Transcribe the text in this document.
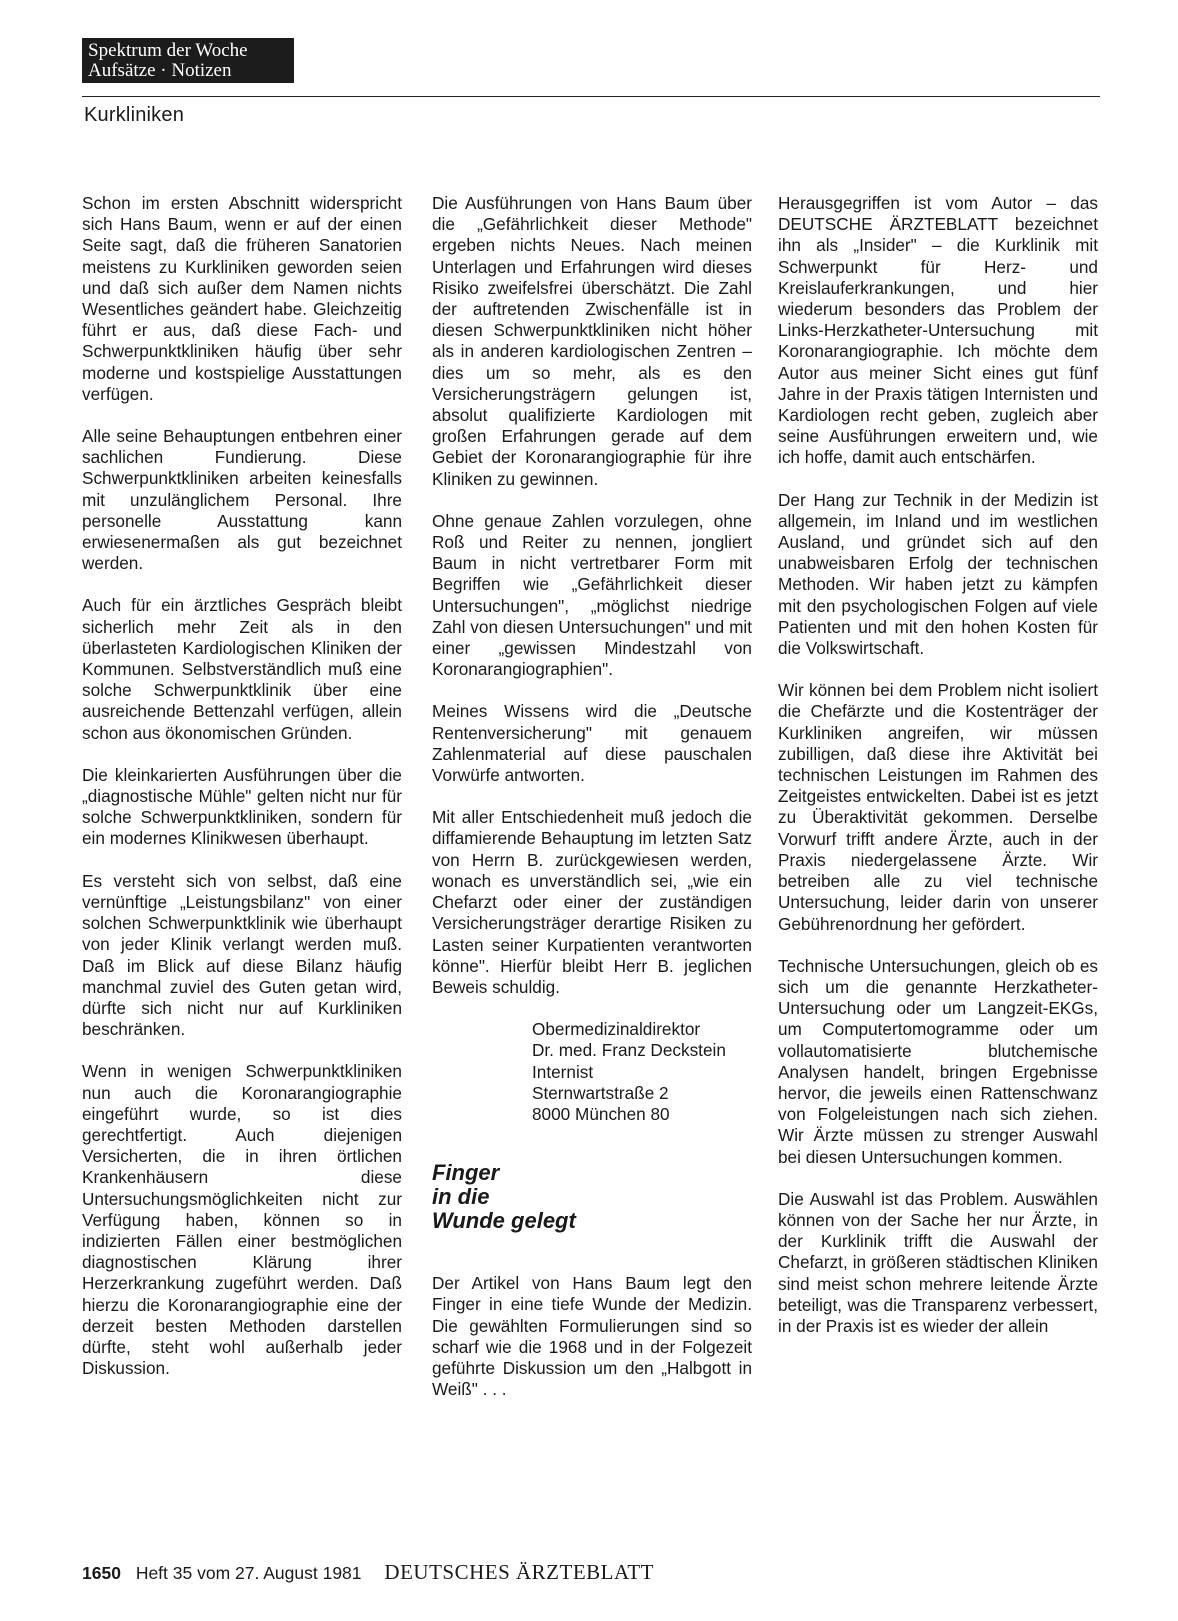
Spektrum der Woche
Aufsätze · Notizen
Kurkliniken

Schon im ersten Abschnitt widerspricht sich Hans Baum, wenn er auf der einen Seite sagt, daß die früheren Sanatorien meistens zu Kurkliniken geworden seien und daß sich außer dem Namen nichts Wesentliches geändert habe. Gleichzeitig führt er aus, daß diese Fach- und Schwerpunktkliniken häufig über sehr moderne und kostspielige Ausstattungen verfügen.

Alle seine Behauptungen entbehren einer sachlichen Fundierung. Diese Schwerpunktkliniken arbeiten keinesfalls mit unzulänglichem Personal. Ihre personelle Ausstattung kann erwiesenermaßen als gut bezeichnet werden.

Auch für ein ärztliches Gespräch bleibt sicherlich mehr Zeit als in den überlasteten Kardiologischen Kliniken der Kommunen. Selbstverständlich muß eine solche Schwerpunktklinik über eine ausreichende Bettenzahl verfügen, allein schon aus ökonomischen Gründen.

Die kleinkarierten Ausführungen über die „diagnostische Mühle" gelten nicht nur für solche Schwerpunktkliniken, sondern für ein modernes Klinikwesen überhaupt.

Es versteht sich von selbst, daß eine vernünftige „Leistungsbilanz" von einer solchen Schwerpunktklinik wie überhaupt von jeder Klinik verlangt werden muß. Daß im Blick auf diese Bilanz häufig manchmal zuviel des Guten getan wird, dürfte sich nicht nur auf Kurkliniken beschränken.

Wenn in wenigen Schwerpunktkliniken nun auch die Koronarangiographie eingeführt wurde, so ist dies gerechtfertigt. Auch diejenigen Versicherten, die in ihren örtlichen Krankenhäusern diese Untersuchungsmöglichkeiten nicht zur Verfügung haben, können so in indizierten Fällen einer bestmöglichen diagnostischen Klärung ihrer Herzerkrankung zugeführt werden. Daß hierzu die Koronarangiographie eine der derzeit besten Methoden darstellen dürfte, steht wohl außerhalb jeder Diskussion.

Die Ausführungen von Hans Baum über die „Gefährlichkeit dieser Methode" ergeben nichts Neues. Nach meinen Unterlagen und Erfahrungen wird dieses Risiko zweifelsfrei überschätzt. Die Zahl der auftretenden Zwischenfälle ist in diesen Schwerpunktkliniken nicht höher als in anderen kardiologischen Zentren – dies um so mehr, als es den Versicherungsträgern gelungen ist, absolut qualifizierte Kardiologen mit großen Erfahrungen gerade auf dem Gebiet der Koronarangiographie für ihre Kliniken zu gewinnen.

Ohne genaue Zahlen vorzulegen, ohne Roß und Reiter zu nennen, jongliert Baum in nicht vertretbarer Form mit Begriffen wie „Gefährlichkeit dieser Untersuchungen", „möglichst niedrige Zahl von diesen Untersuchungen" und mit einer „gewissen Mindestzahl von Koronarangiographien".

Meines Wissens wird die „Deutsche Rentenversicherung" mit genauem Zahlenmaterial auf diese pauschalen Vorwürfe antworten.

Mit aller Entschiedenheit muß jedoch die diffamierende Behauptung im letzten Satz von Herrn B. zurückgewiesen werden, wonach es unverständlich sei, „wie ein Chefarzt oder einer der zuständigen Versicherungsträger derartige Risiken zu Lasten seiner Kurpatienten verantworten könne". Hierfür bleibt Herr B. jeglichen Beweis schuldig.

Obermedizinaldirektor
Dr. med. Franz Deckstein
Internist
Sternwartstraße 2
8000 München 80
Finger
in die
Wunde gelegt

Der Artikel von Hans Baum legt den Finger in eine tiefe Wunde der Medizin. Die gewählten Formulierungen sind so scharf wie die 1968 und in der Folgezeit geführte Diskussion um den „Halbgott in Weiß" . . .

Herausgegriffen ist vom Autor – das DEUTSCHE ÄRZTEBLATT bezeichnet ihn als „Insider" – die Kurklinik mit Schwerpunkt für Herz- und Kreislauferkrankungen, und hier wiederum besonders das Problem der Links-Herzkatheter-Untersuchung mit Koronarangiographie. Ich möchte dem Autor aus meiner Sicht eines gut fünf Jahre in der Praxis tätigen Internisten und Kardiologen recht geben, zugleich aber seine Ausführungen erweitern und, wie ich hoffe, damit auch entschärfen.

Der Hang zur Technik in der Medizin ist allgemein, im Inland und im westlichen Ausland, und gründet sich auf den unabweisbaren Erfolg der technischen Methoden. Wir haben jetzt zu kämpfen mit den psychologischen Folgen auf viele Patienten und mit den hohen Kosten für die Volkswirtschaft.

Wir können bei dem Problem nicht isoliert die Chefärzte und die Kostenträger der Kurkliniken angreifen, wir müssen zubilligen, daß diese ihre Aktivität bei technischen Leistungen im Rahmen des Zeitgeistes entwickelten. Dabei ist es jetzt zu Überaktivität gekommen. Derselbe Vorwurf trifft andere Ärzte, auch in der Praxis niedergelassene Ärzte. Wir betreiben alle zu viel technische Untersuchung, leider darin von unserer Gebührenordnung her gefördert.

Technische Untersuchungen, gleich ob es sich um die genannte Herzkatheter-Untersuchung oder um Langzeit-EKGs, um Computertomogramme oder um vollautomatisierte blutchemische Analysen handelt, bringen Ergebnisse hervor, die jeweils einen Rattenschwanz von Folgeleistungen nach sich ziehen. Wir Ärzte müssen zu strenger Auswahl bei diesen Untersuchungen kommen.

Die Auswahl ist das Problem. Auswählen können von der Sache her nur Ärzte, in der Kurklinik trifft die Auswahl der Chefarzt, in größeren städtischen Kliniken sind meist schon mehrere leitende Ärzte beteiligt, was die Transparenz verbessert, in der Praxis ist es wieder der allein

1650 Heft 35 vom 27. August 1981 DEUTSCHES ÄRZTEBLATT
